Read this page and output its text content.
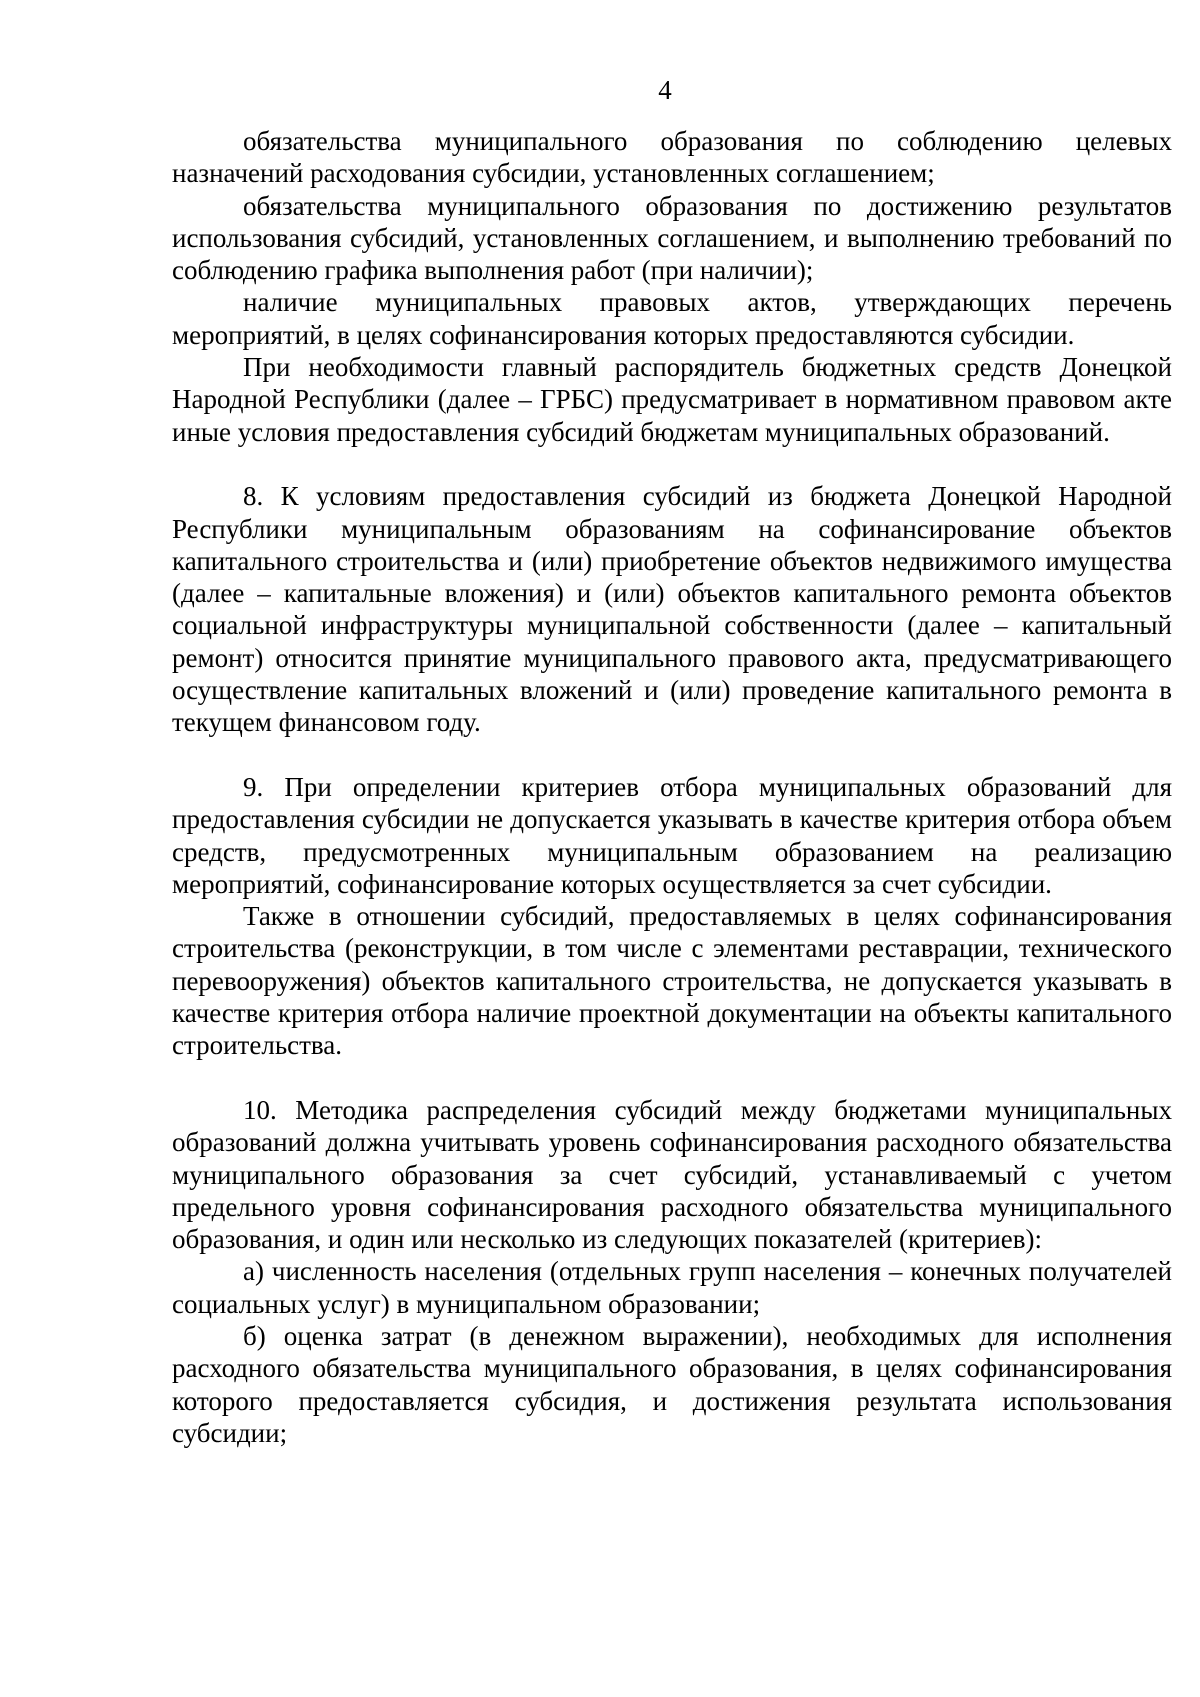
4

обязательства муниципального образования по соблюдению целевых назначений расходования субсидии, установленных соглашением;

обязательства муниципального образования по достижению результатов использования субсидий, установленных соглашением, и выполнению требований по соблюдению графика выполнения работ (при наличии);

наличие муниципальных правовых актов, утверждающих перечень мероприятий, в целях софинансирования которых предоставляются субсидии.

При необходимости главный распорядитель бюджетных средств Донецкой Народной Республики (далее – ГРБС) предусматривает в нормативном правовом акте иные условия предоставления субсидий бюджетам муниципальных образований.

8. К условиям предоставления субсидий из бюджета Донецкой Народной Республики муниципальным образованиям на софинансирование объектов капитального строительства и (или) приобретение объектов недвижимого имущества (далее – капитальные вложения) и (или) объектов капитального ремонта объектов социальной инфраструктуры муниципальной собственности (далее – капитальный ремонт) относится принятие муниципального правового акта, предусматривающего осуществление капитальных вложений и (или) проведение капитального ремонта в текущем финансовом году.

9. При определении критериев отбора муниципальных образований для предоставления субсидии не допускается указывать в качестве критерия отбора объем средств, предусмотренных муниципальным образованием на реализацию мероприятий, софинансирование которых осуществляется за счет субсидии.

Также в отношении субсидий, предоставляемых в целях софинансирования строительства (реконструкции, в том числе с элементами реставрации, технического перевооружения) объектов капитального строительства, не допускается указывать в качестве критерия отбора наличие проектной документации на объекты капитального строительства.

10. Методика распределения субсидий между бюджетами муниципальных образований должна учитывать уровень софинансирования расходного обязательства муниципального образования за счет субсидий, устанавливаемый с учетом предельного уровня софинансирования расходного обязательства муниципального образования, и один или несколько из следующих показателей (критериев):

а) численность населения (отдельных групп населения – конечных получателей социальных услуг) в муниципальном образовании;

б) оценка затрат (в денежном выражении), необходимых для исполнения расходного обязательства муниципального образования, в целях софинансирования которого предоставляется субсидия, и достижения результата использования субсидии;
